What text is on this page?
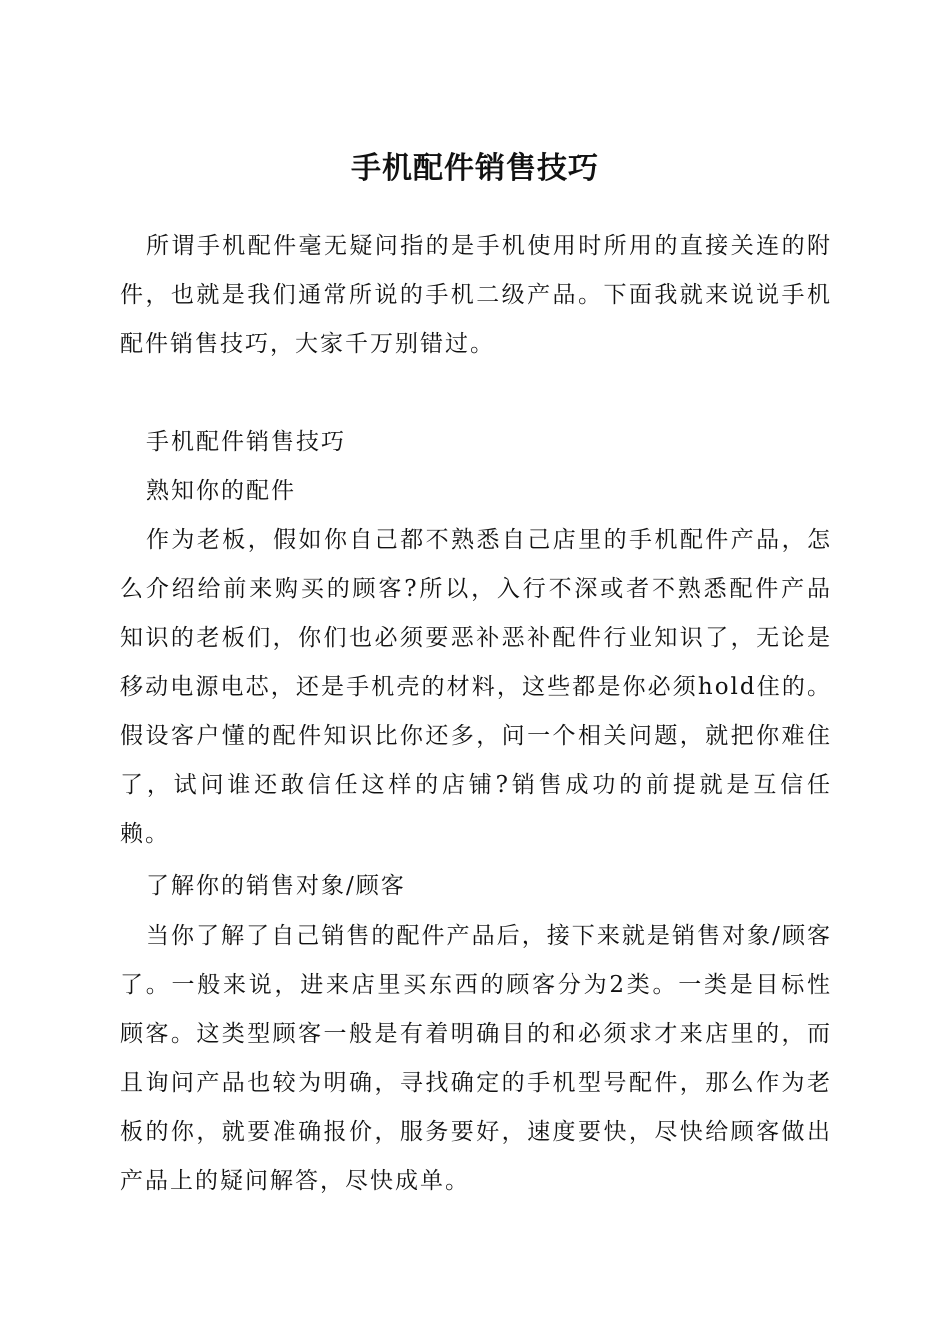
手机配件销售技巧
所谓手机配件毫无疑问指的是手机使用时所用的直接关连的附件，也就是我们通常所说的手机二级产品。下面我就来说说手机配件销售技巧，大家千万别错过。
手机配件销售技巧
熟知你的配件
作为老板，假如你自己都不熟悉自己店里的手机配件产品，怎么介绍给前来购买的顾客?所以，入行不深或者不熟悉配件产品知识的老板们，你们也必须要恶补恶补配件行业知识了，无论是移动电源电芯，还是手机壳的材料，这些都是你必须hold住的。假设客户懂的配件知识比你还多，问一个相关问题，就把你难住了，试问谁还敢信任这样的店铺?销售成功的前提就是互信任赖。
了解你的销售对象/顾客
当你了解了自己销售的配件产品后，接下来就是销售对象/顾客了。一般来说，进来店里买东西的顾客分为2类。一类是目标性顾客。这类型顾客一般是有着明确目的和必须求才来店里的，而且询问产品也较为明确，寻找确定的手机型号配件，那么作为老板的你，就要准确报价，服务要好，速度要快，尽快给顾客做出产品上的疑问解答，尽快成单。
